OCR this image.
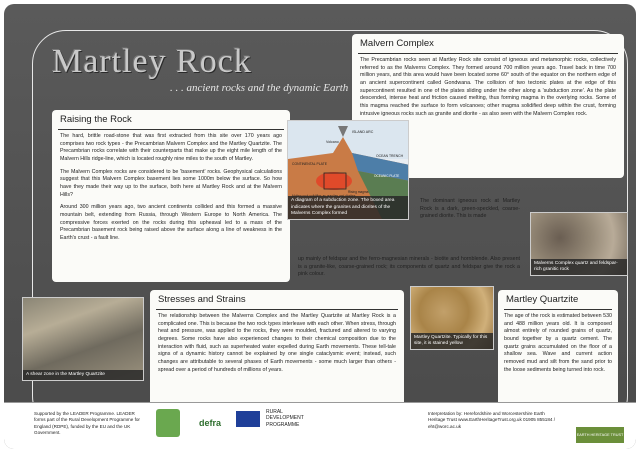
Martley Rock
. . . ancient rocks and the dynamic Earth
Raising the Rock

The hard, brittle road-stone that was first extracted from this site over 170 years ago comprises two rock types - the Precambrian Malvern Complex and the Martley Quartzite. The Precambrian rocks correlate with their counterparts that make up the eight mile length of the Malvern Hills ridge-line, which is located roughly nine miles to the south of Martley.

The Malvern Complex rocks are considered to be 'basement' rocks. Geophysical calculations suggest that this Malvern Complex basement lies some 1000m below the surface. So how have they made their way up to the surface, both here at Martley Rock and at the Malvern Hills?

Around 300 million years ago, two ancient continents collided and this formed a massive mountain belt, extending from Russia, through Western Europe to North America. The compressive forces exerted on the rocks during this upheaval led to a mass of the Precambrian basement rock being raised above the surface along a line of weakness in the Earth's crust - a fault line.

Malvern Complex

The Precambrian rocks seen at Martley Rock site consist of igneous and metamorphic rocks, collectively referred to as the Malverns Complex. They formed around 700 million years ago. Travel back in time 700 million years, and this area would have been located some 60° south of the equator on the northern edge of an ancient supercontinent called Gondwana. The collision of two tectonic plates at the edge of this supercontinent resulted in one of the plates sliding under the other along a 'subduction zone'. As the plate descended, intense heat and friction caused melting, thus forming magma in the overlying rocks. Some of this magma reached the surface to form volcanoes; other magma solidified deep within the crust, forming intrusive igneous rocks such as granite and diorite - as also seen with the Malvern Complex rock.

The dominant igneous rock at Martley Rock is a dark, green-speckled, coarse-grained diorite. This is made

up mainly of feldspar and the ferro-magnesian minerals - biotite and hornblende. Also present is a granite-like, coarse-grained rock; its components of quartz and feldspar give the rock a pink colour.

ISLAND ARC
Volcano
CONTINENTAL PLATE
OCEAN TRENCH
Rising magma
OCEANIC PLATE
A diagram of a subduction zone. The boxed area indicates where the granites and diorites of the Malverns Complex formed
A shear zone in the Martley Quartzite
Malverns Complex quartz and feldspar-rich granitic rock
Martley Quartzite. Typically for this site, it is stained yellow
Stresses and Strains

The relationship between the Malverns Complex and the Martley Quartzite at Martley Rock is a complicated one. This is because the two rock types interleave with each other. When stress, through heat and pressure, was applied to the rocks, they were moulded, fractured and altered to varying degrees. Some rocks have also experienced changes to their chemical composition due to the interaction with fluid, such as superheated water expelled during Earth movements. These tell-tale signs of a dynamic history cannot be explained by one single cataclysmic event; instead, such changes are attributable to several phases of Earth movements - some much larger than others - spread over a period of hundreds of millions of years.

Martley Quartzite

The age of the rock is estimated between 530 and 488 million years old. It is composed almost entirely of rounded grains of quartz, bound together by a quartz cement. The quartz grains accumulated on the floor of a shallow sea. Wave and current action removed mud and silt from the sand prior to the loose sediments being turned into rock.

Supported by the LEADER Programme. LEADER forms part of the Rural Development Programme for England (RDPE), funded by the EU and the UK Government.
defra
RURAL DEVELOPMENT PROGRAMME
Interpretation by: Herefordshire and Worcestershire Earth Heritage Trust www.EarthHeritageTrust.org.uk 01905 855184 / eht@worc.ac.uk
EARTH HERITAGE TRUST
